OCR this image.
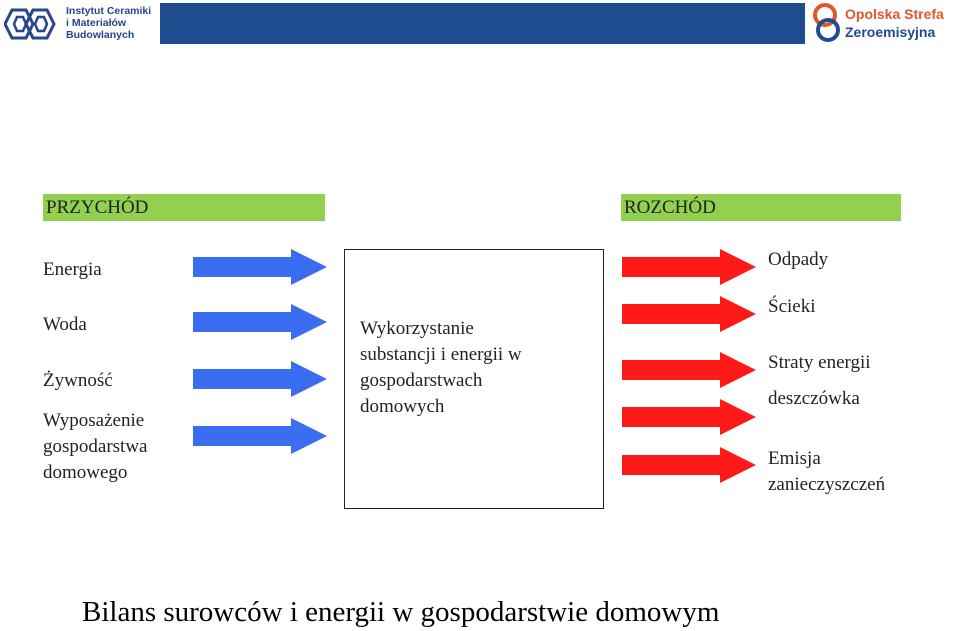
Instytut Ceramiki
i Materiałów
Budowlanych
Opolska Strefa
Zeroemisyjna
PRZYCHÓD	ROZCHÓD
Energia
Woda
Żywność
Wyposażenie
gospodarstwa
domowego
Wykorzystanie
substancji i energii w
gospodarstwach
domowych
Odpady
Ścieki
Straty energii
deszczówka
Emisja
zanieczyszczeń
Bilans surowców i energii w gospodarstwie domowym
